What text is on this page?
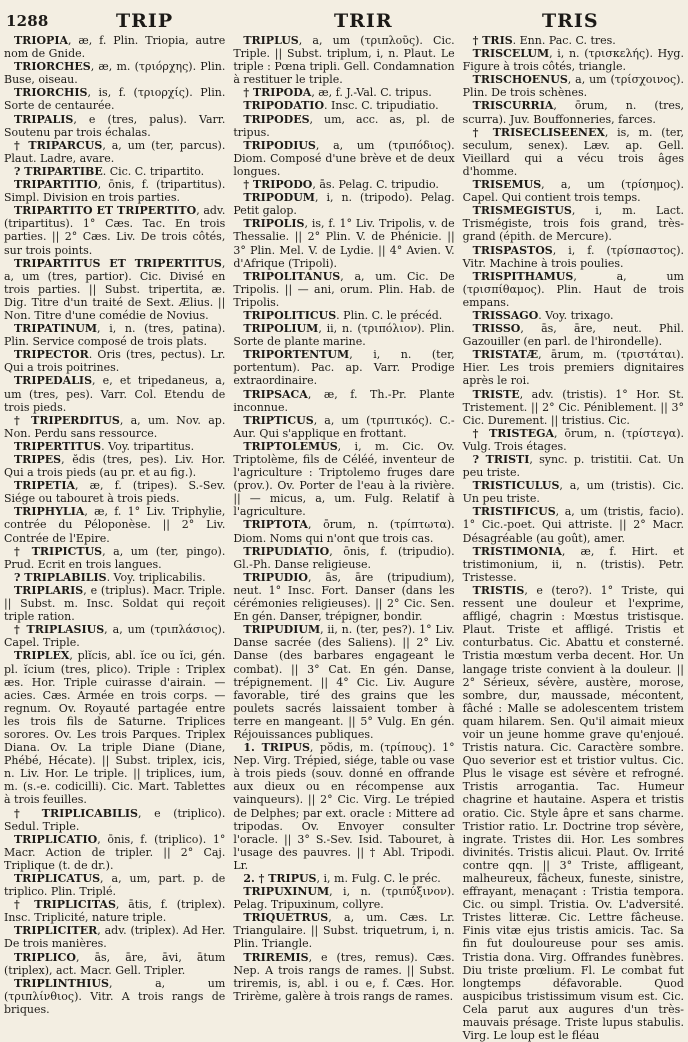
1288	TRIP	TRIR	TRIS

TRIOPIA, æ, f. Plin. Triopia, autre nom de Gnide.

TRIORCHES, æ, m. (τριόρχης). Plin. Buse, oiseau.

TRIORCHIS, is, f. (τριορχίς). Plin. Sorte de centaurée.

TRIPALIS, e (tres, palus). Varr. Soutenu par trois échalas.

† TRIPARCUS, a, um (ter, parcus). Plaut. Ladre, avare.

? TRIPARTIBE. Cic. C. tripartito.

TRIPARTITIO, ōnis, f. (tripartitus). Simpl. Division en trois parties.

TRIPARTITO ET TRIPERTITO, adv. (tripartitus). 1° Cæs. Tac. En trois parties. || 2° Cæs. Liv. De trois côtés, sur trois points.

TRIPARTITUS ET TRIPERTITUS, a, um (tres, partior). Cic. Divisé en trois parties. || Subst. tripertita, æ. Dig. Titre d'un traité de Sext. Ælius. || Non. Titre d'une comédie de Novius.

TRIPATINUM, i, n. (tres, patina). Plin. Service composé de trois plats.

TRIPECTOR. Oris (tres, pectus). Lr. Qui a trois poitrines.

TRIPEDALIS, e, et tripedaneus, a, um (tres, pes). Varr. Col. Etendu de trois pieds.

† TRIPERDITUS, a, um. Nov. ap. Non. Perdu sans ressource.

TRIPERTITUS. Voy. tripartitus.

TRIPES, ĕdis (tres, pes). Liv. Hor. Qui a trois pieds (au pr. et au fig.).

TRIPETIA, æ, f. (tripes). S.-Sev. Siége ou tabouret à trois pieds.

TRIPHYLIA, æ, f. 1° Liv. Triphylie, contrée du Péloponèse. || 2° Liv. Contrée de l'Epire.

† TRIPICTUS, a, um (ter, pingo). Prud. Ecrit en trois langues.

? TRIPLABILIS. Voy. triplicabilis.

TRIPLARIS, e (triplus). Macr. Triple. || Subst. m. Insc. Soldat qui reçoit triple ration.

† TRIPLASIUS, a, um (τριπλάσιος). Capel. Triple.

TRIPLEX, plĭcis, abl. ĭce ou ĭci, gén. pl. ĭcium (tres, plico). Triple : Triplex æs. Hor. Triple cuirasse d'airain. — acies. Cæs. Armée en trois corps. — regnum. Ov. Royauté partagée entre les trois fils de Saturne. Triplices sorores. Ov. Les trois Parques. Triplex Diana. Ov. La triple Diane (Diane, Phébé, Hécate). || Subst. triplex, icis, n. Liv. Hor. Le triple. || triplices, ium, m. (s.-e. codicilli). Cic. Mart. Tablettes à trois feuilles.

† TRIPLICABILIS, e (triplico). Sedul. Triple.

TRIPLICATIO, ōnis, f. (triplico). 1° Macr. Action de tripler. || 2° Caj. Triplique (t. de dr.).

TRIPLICATUS, a, um, part. p. de triplico. Plin. Triplé.

† TRIPLICITAS, ātis, f. (triplex). Insc. Triplicité, nature triple.

TRIPLICITER, adv. (triplex). Ad Her. De trois manières.

TRIPLICO, ās, āre, āvi, ātum (triplex), act. Macr. Gell. Tripler.

TRIPLINTHIUS, a, um (τριπλίνθιος). Vitr. A trois rangs de briques.

TRIPLUS, a, um (τριπλοῦς). Cic. Triple. || Subst. triplum, i, n. Plaut. Le triple : Pœna tripli. Gell. Condamnation à restituer le triple.

† TRIPODA, æ, f. J.-Val. C. tripus.

TRIPODATIO. Insc. C. tripudiatio.

TRIPODES, um, acc. as, pl. de tripus.

TRIPODIUS, a, um (τριπόδιος). Diom. Composé d'une brève et de deux longues.

† TRIPODO, ās. Pelag. C. tripudio.

TRIPODUM, i, n. (tripodo). Pelag. Petit galop.

TRIPOLIS, is, f. 1° Liv. Tripolis, v. de Thessalie. || 2° Plin. V. de Phénicie. || 3° Plin. Mel. V. de Lydie. || 4° Avien. V. d'Afrique (Tripoli).

TRIPOLITANUS, a, um. Cic. De Tripolis. || — ani, orum. Plin. Hab. de Tripolis.

TRIPOLITICUS. Plin. C. le précéd.

TRIPOLIUM, ii, n. (τριπόλιον). Plin. Sorte de plante marine.

TRIPORTENTUM, i, n. (ter, portentum). Pac. ap. Varr. Prodige extraordinaire.

TRIPSACA, æ, f. Th.-Pr. Plante inconnue.

TRIPTICUS, a, um (τριπτικός). C.-Aur. Qui s'applique en frottant.

TRIPTOLEMUS, i, m. Cic. Ov. Triptolème, fils de Céléé, inventeur de l'agriculture : Triptolemo fruges dare (prov.). Ov. Porter de l'eau à la rivière. || — micus, a, um. Fulg. Relatif à l'agriculture.

TRIPTOTA, ōrum, n. (τρίπτωτα). Diom. Noms qui n'ont que trois cas.

TRIPUDIATIO, ōnis, f. (tripudio). Gl.-Ph. Danse religieuse.

TRIPUDIO, ās, āre (tripudium), neut. 1° Insc. Fort. Danser (dans les cérémonies religieuses). || 2° Cic. Sen. En gén. Danser, trépigner, bondir.

TRIPUDIUM, ii, n. (ter, pes?). 1° Liv. Danse sacrée (des Saliens). || 2° Liv. Danse (des barbares engageant le combat). || 3° Cat. En gén. Danse, trépignement. || 4° Cic. Liv. Augure favorable, tiré des grains que les poulets sacrés laissaient tomber à terre en mangeant. || 5° Vulg. En gén. Réjouissances publiques.

1. TRIPUS, pŏdis, m. (τρίπους). 1° Nep. Virg. Trépied, siége, table ou vase à trois pieds (souv. donné en offrande aux dieux ou en récompense aux vainqueurs). || 2° Cic. Virg. Le trépied de Delphes; par ext. oracle : Mittere ad tripodas. Ov. Envoyer consulter l'oracle. || 3° S.-Sev. Isid. Tabouret, à l'usage des pauvres. || † Abl. Tripodi. Lr.

2. † TRIPUS, i, m. Fulg. C. le préc.

TRIPUXINUM, i, n. (τριπύξινον). Pelag. Tripuxinum, collyre.

TRIQUETRUS, a, um. Cæs. Lr. Triangulaire. || Subst. triquetrum, i, n. Plin. Triangle.

TRIREMIS, e (tres, remus). Cæs. Nep. A trois rangs de rames. || Subst. triremis, is, abl. i ou e, f. Cæs. Hor. Trirème, galère à trois rangs de rames.

† TRIS. Enn. Pac. C. tres.

TRISCELUM, i, n. (τρισκελής). Hyg. Figure à trois côtés, triangle.

TRISCHOENUS, a, um (τρίσχοινος). Plin. De trois schènes.

TRISCURRIA, ōrum, n. (tres, scurra). Juv. Bouffonneries, farces.

† TRISECLISEENEX, is, m. (ter, seculum, senex). Læv. ap. Gell. Vieillard qui a vécu trois âges d'homme.

TRISEMUS, a, um (τρίσημος). Capel. Qui contient trois temps.

TRISMEGISTUS, i, m. Lact. Trismégiste, trois fois grand, très-grand (épith. de Mercure).

TRISPASTOS, i, f. (τρίσπαστος). Vitr. Machine à trois poulies.

TRISPITHAMUS, a, um (τρισπίθαμος). Plin. Haut de trois empans.

TRISSAGO. Voy. trixago.

TRISSO, ās, āre, neut. Phil. Gazouiller (en parl. de l'hirondelle).

TRISTATÆ, ārum, m. (τριστάται). Hier. Les trois premiers dignitaires après le roi.

TRISTE, adv. (tristis). 1° Hor. St. Tristement. || 2° Cic. Péniblement. || 3° Cic. Durement. || tristius. Cic.

† TRISTEGA, ōrum, n. (τρίστεγα). Vulg. Trois étages.

? TRISTI, sync. p. tristitii. Cat. Un peu triste.

TRISTICULUS, a, um (tristis). Cic. Un peu triste.

TRISTIFICUS, a, um (tristis, facio). 1° Cic.-poet. Qui attriste. || 2° Macr. Désagréable (au goût), amer.

TRISTIMONIA, æ, f. Hirt. et tristimonium, ii, n. (tristis). Petr. Tristesse.

TRISTIS, e (tero?). 1° Triste, qui ressent une douleur et l'exprime, affligé, chagrin : Mœstus tristisque. Plaut. Triste et affligé. Tristis et conturbatus. Cic. Abattu et consterné. Tristia mœstum verba decent. Hor. Un langage triste convient à la douleur. || 2° Sérieux, sévère, austère, morose, sombre, dur, maussade, mécontent, fâché : Malle se adolescentem tristem quam hilarem. Sen. Qu'il aimait mieux voir un jeune homme grave qu'enjoué. Tristis natura. Cic. Caractère sombre. Quo severior est et tristior vultus. Cic. Plus le visage est sévère et refrogné. Tristis arrogantia. Tac. Humeur chagrine et hautaine. Aspera et tristis oratio. Cic. Style âpre et sans charme. Tristior ratio. Lr. Doctrine trop sévère, ingrate. Tristes dii. Hor. Les sombres divinités. Tristis alicui. Plaut. Ov. Irrité contre qqn. || 3° Triste, affligeant, malheureux, fâcheux, funeste, sinistre, effrayant, menaçant : Tristia tempora. Cic. ou simpl. Tristia. Ov. L'adversité. Tristes litteræ. Cic. Lettre fâcheuse. Finis vitæ ejus tristis amicis. Tac. Sa fin fut douloureuse pour ses amis. Tristia dona. Virg. Offrandes funèbres. Diu triste prœlium. Fl. Le combat fut longtemps défavorable. Quod auspicibus tristissimum visum est. Cic. Cela parut aux augures d'un très-mauvais présage. Triste lupus stabulis. Virg. Le loup est le fléau
